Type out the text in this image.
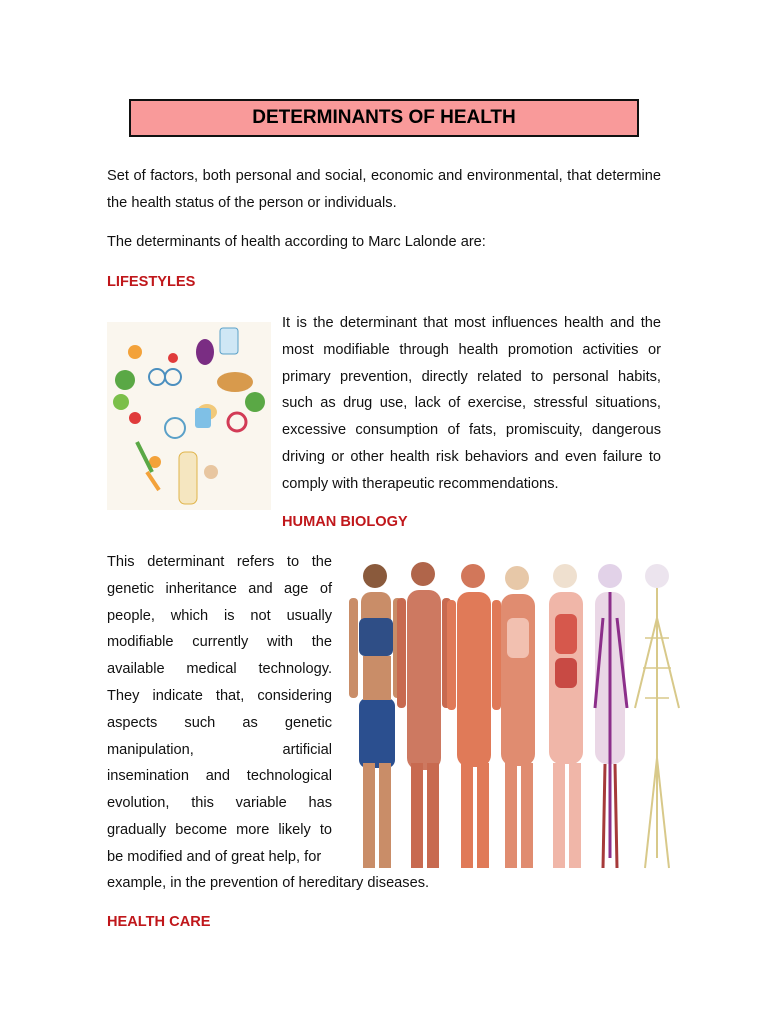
DETERMINANTS OF HEALTH

Set of factors, both personal and social, economic and environmental, that determine the health status of the person or individuals.

The determinants of health according to Marc Lalonde are:

LIFESTYLES

It is the determinant that most influences health and the most modifiable through health promotion activities or primary prevention, directly related to personal habits, such as drug use, lack of exercise, stressful situations, excessive consumption of fats, promiscuity, dangerous driving or other health risk behaviors and even failure to comply with therapeutic recommendations.

HUMAN BIOLOGY

This determinant refers to the genetic inheritance and age of people, which is not usually modifiable currently with the available medical technology. They indicate that, considering aspects such as genetic manipulation, artificial insemination and technological evolution, this variable has gradually become more likely to be modified and of great help, for

example, in the prevention of hereditary diseases.

HEALTH CARE
